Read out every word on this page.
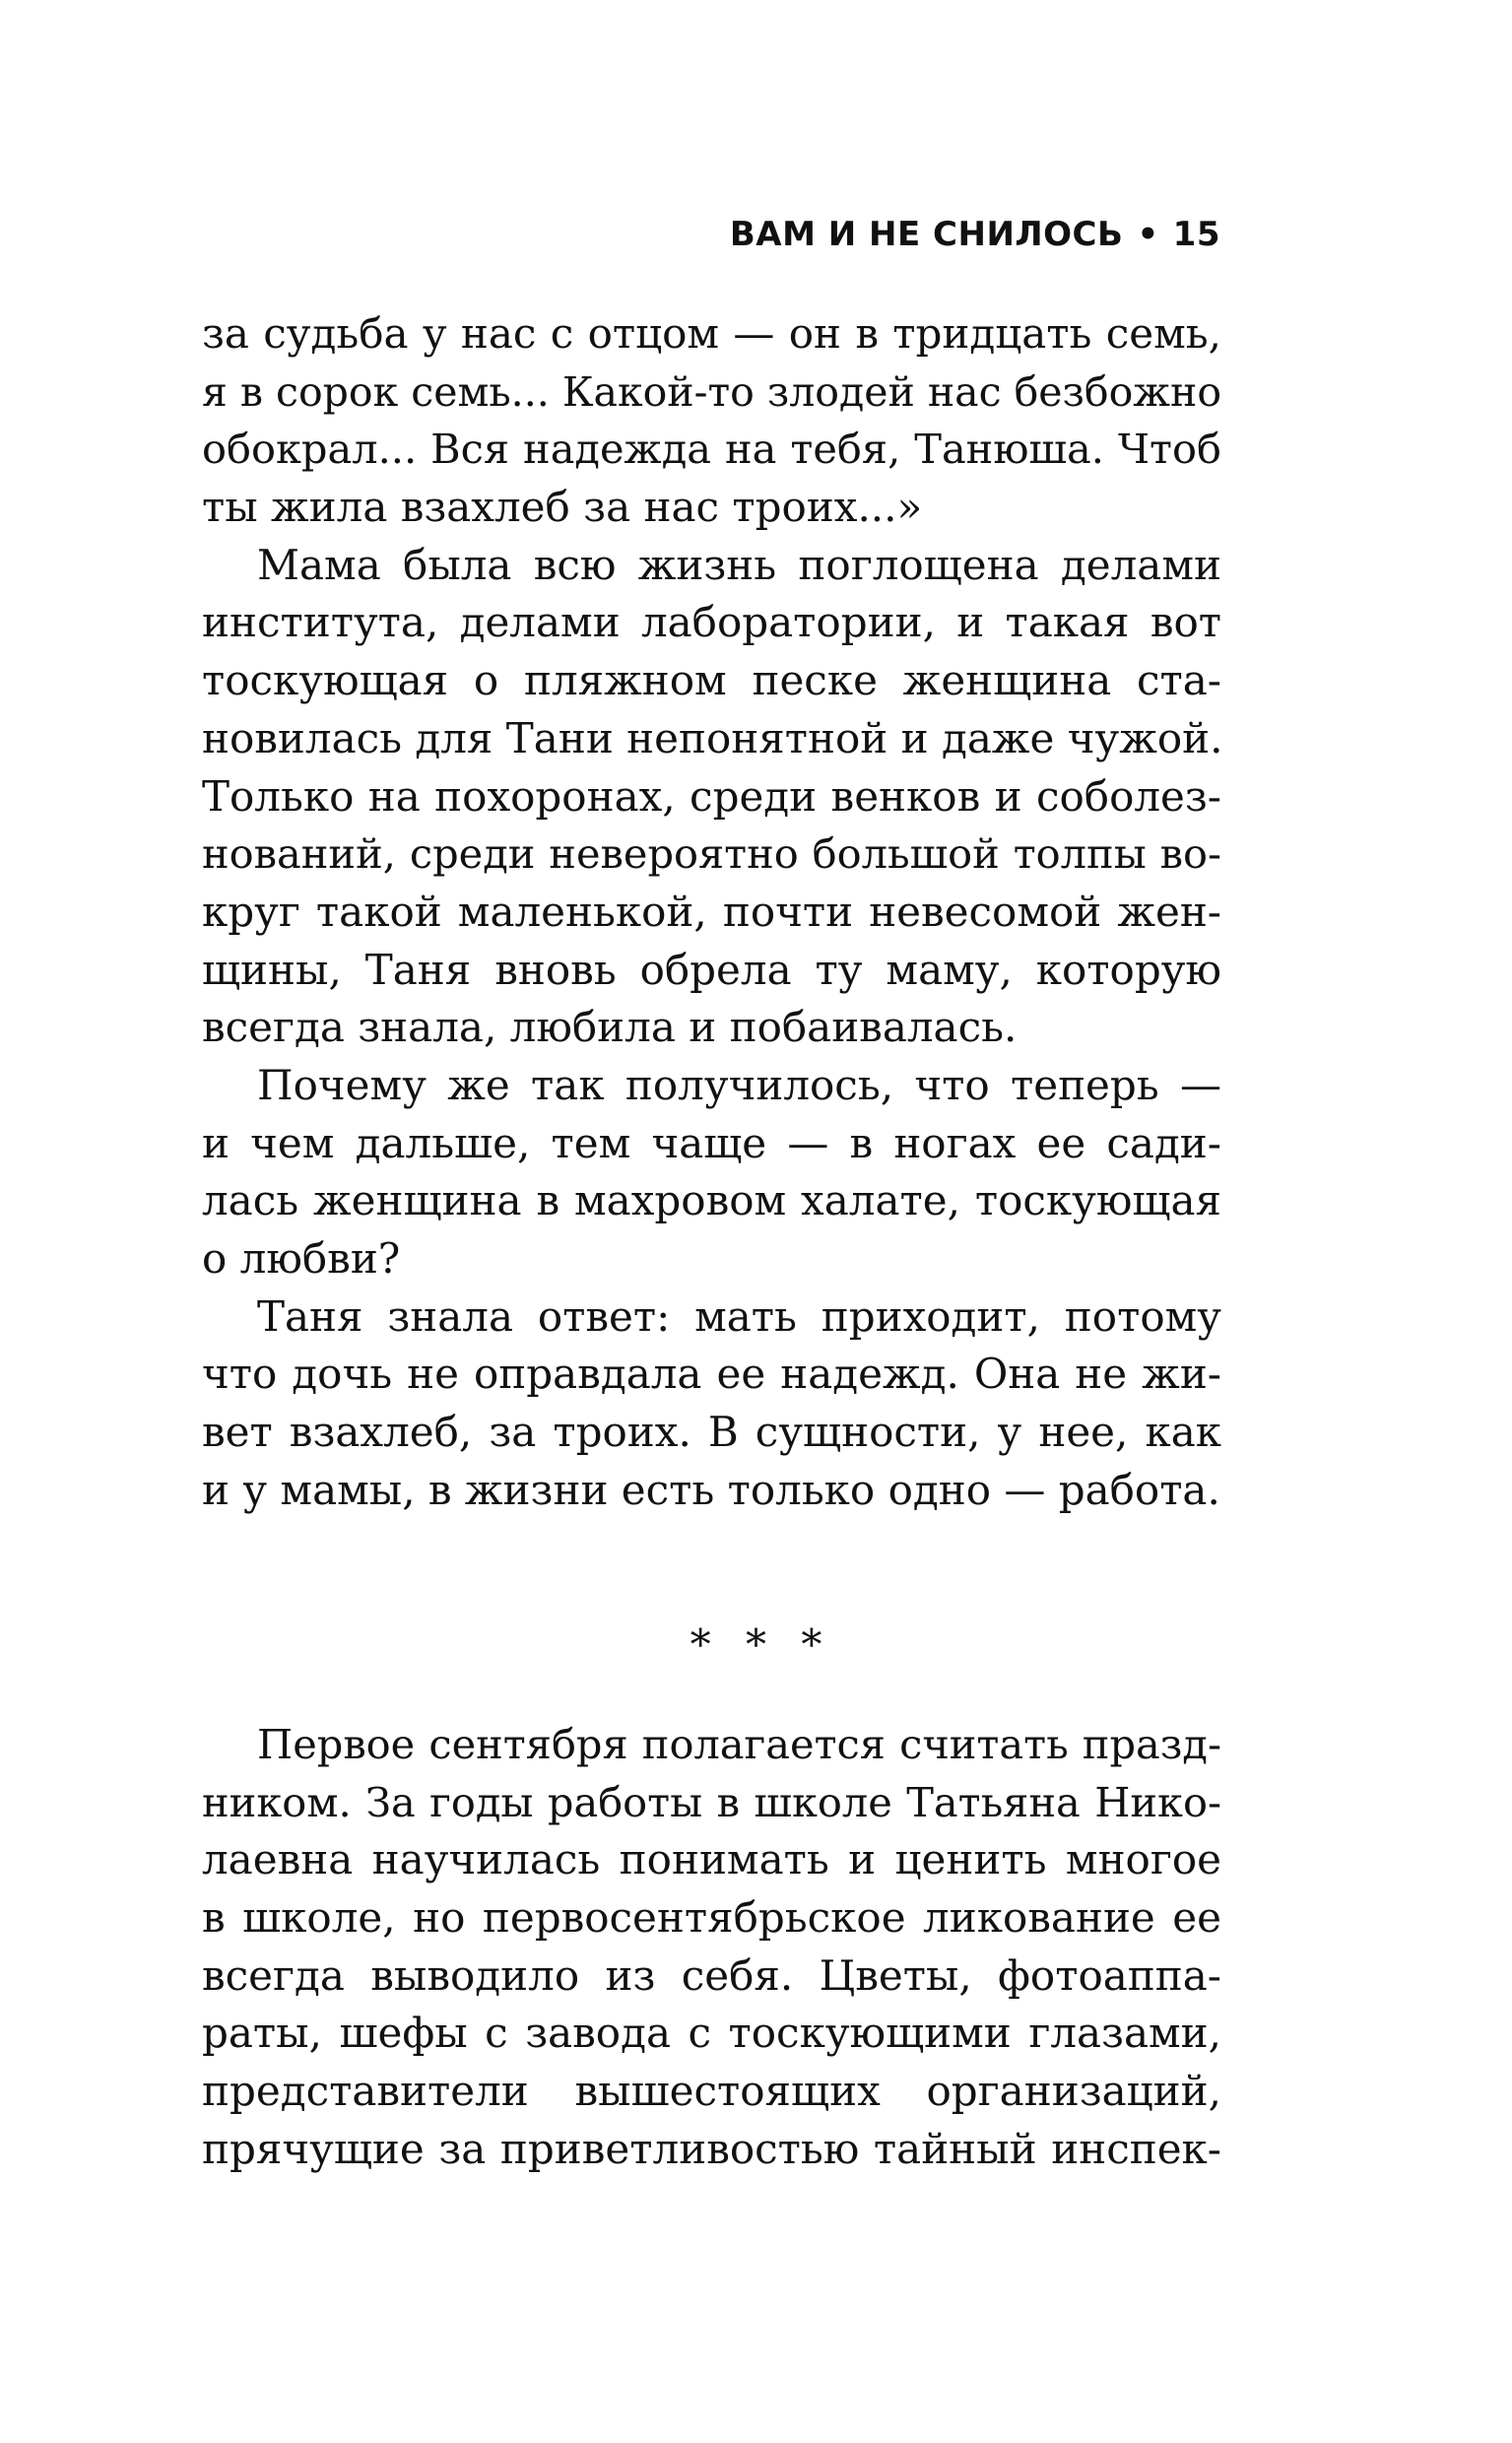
ВАМ И НЕ СНИЛОСЬ • 15
за судьба у нас с отцом — он в тридцать семь,
я в сорок семь... Какой-то злодей нас безбожно
обокрал... Вся надежда на тебя, Танюша. Чтоб
ты жила взахлеб за нас троих...»
Мама была всю жизнь поглощена делами
института, делами лаборатории, и такая вот
тоскующая о пляжном песке женщина ста-
новилась для Тани непонятной и даже чужой.
Только на похоронах, среди венков и соболез-
нований, среди невероятно большой толпы во-
круг такой маленькой, почти невесомой жен-
щины, Таня вновь обрела ту маму, которую
всегда знала, любила и побаивалась.
Почему же так получилось, что теперь —
и чем дальше, тем чаще — в ногах ее сади-
лась женщина в махровом халате, тоскующая
о любви?
Таня знала ответ: мать приходит, потому
что дочь не оправдала ее надежд. Она не жи-
вет взахлеб, за троих. В сущности, у нее, как
и у мамы, в жизни есть только одно — работа.
* * *
Первое сентября полагается считать празд-
ником. За годы работы в школе Татьяна Нико-
лаевна научилась понимать и ценить многое
в школе, но первосентябрьское ликование ее
всегда выводило из себя. Цветы, фотоаппа-
раты, шефы с завода с тоскующими глазами,
представители вышестоящих организаций,
прячущие за приветливостью тайный инспек-
